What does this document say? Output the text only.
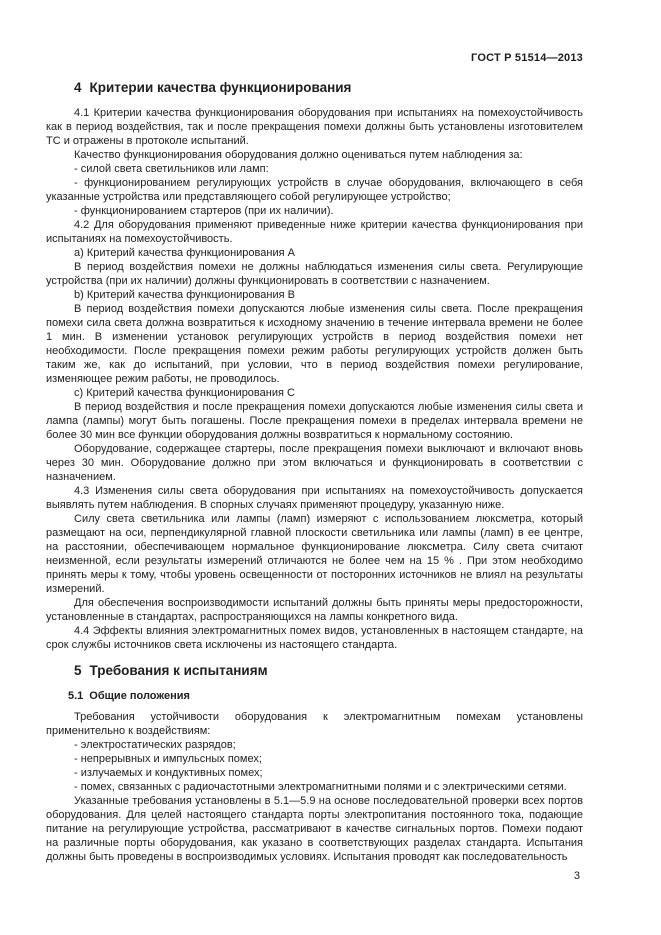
ГОСТ Р 51514—2013
4 Критерии качества функционирования

4.1 Критерии качества функционирования оборудования при испытаниях на помехоустойчивость как в период воздействия, так и после прекращения помехи должны быть установлены изготовителем ТС и отражены в протоколе испытаний.

Качество функционирования оборудования должно оцениваться путем наблюдения за:

- силой света светильников или ламп:

- функционированием регулирующих устройств в случае оборудования, включающего в себя указанные устройства или представляющего собой регулирующее устройство;

- функционированием стартеров (при их наличии).

4.2 Для оборудования применяют приведенные ниже критерии качества функционирования при испытаниях на помехоустойчивость.

a) Критерий качества функционирования A

В период воздействия помехи не должны наблюдаться изменения силы света. Регулирующие устройства (при их наличии) должны функционировать в соответствии с назначением.

b) Критерий качества функционирования B

В период воздействия помехи допускаются любые изменения силы света. После прекращения помехи сила света должна возвратиться к исходному значению в течение интервала времени не более 1 мин. В изменении установок регулирующих устройств в период воздействия помехи нет необходимости. После прекращения помехи режим работы регулирующих устройств должен быть таким же, как до испытаний, при условии, что в период воздействия помехи регулирование, изменяющее режим работы, не проводилось.

c) Критерий качества функционирования C

В период воздействия и после прекращения помехи допускаются любые изменения силы света и лампа (лампы) могут быть погашены. После прекращения помехи в пределах интервала времени не более 30 мин все функции оборудования должны возвратиться к нормальному состоянию.

Оборудование, содержащее стартеры, после прекращения помехи выключают и включают вновь через 30 мин. Оборудование должно при этом включаться и функционировать в соответствии с назначением.

4.3 Изменения силы света оборудования при испытаниях на помехоустойчивость допускается выявлять путем наблюдения. В спорных случаях применяют процедуру, указанную ниже.

Силу света светильника или лампы (ламп) измеряют с использованием люксметра, который размещают на оси, перпендикулярной главной плоскости светильника или лампы (ламп) в ее центре, на расстоянии, обеспечивающем нормальное функционирование люксметра. Силу света считают неизменной, если результаты измерений отличаются не более чем на 15 % . При этом необходимо принять меры к тому, чтобы уровень освещенности от посторонних источников не влиял на результаты измерений.

Для обеспечения воспроизводимости испытаний должны быть приняты меры предосторожности, установленные в стандартах, распространяющихся на лампы конкретного вида.

4.4 Эффекты влияния электромагнитных помех видов, установленных в настоящем стандарте, на срок службы источников света исключены из настоящего стандарта.

5 Требования к испытаниям
5.1 Общие положения

Требования устойчивости оборудования к электромагнитным помехам установлены применительно к воздействиям:

- электростатических разрядов;

- непрерывных и импульсных помех;

- излучаемых и кондуктивных помех;

- помех, связанных с радиочастотными электромагнитными полями и с электрическими сетями.

Указанные требования установлены в 5.1—5.9 на основе последовательной проверки всех портов оборудования. Для целей настоящего стандарта порты электропитания постоянного тока, подающие питание на регулирующие устройства, рассматривают в качестве сигнальных портов. Помехи подают на различные порты оборудования, как указано в соответствующих разделах стандарта. Испытания должны быть проведены в воспроизводимых условиях. Испытания проводят как последовательность

3
